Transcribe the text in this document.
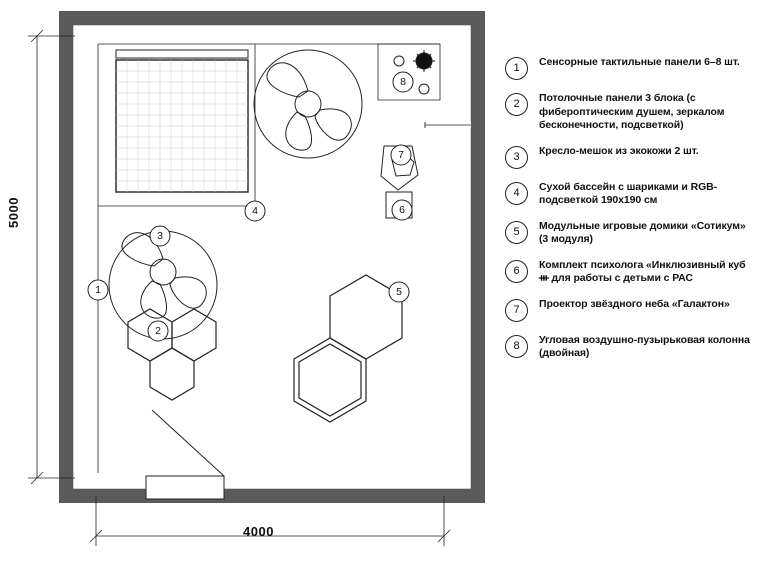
1
2
3
4
5
6
7
8
5000
4000
1	Сенсорные тактильные панели 6–8 шт.
2	Потолочные панели 3 блока (с фибероптическим душем, зеркалом бесконечности, подсветкой)
3	Кресло-мешок из экокожи 2 шт.
4	Сухой бассейн с шариками и RGB-подсветкой 190х190 см
5	Модульные игровые домики «Сотикум» (3 модуля)
6	Комплект психолога «Инклюзивный куб ᚒ для работы с детьми с РАС
7	Проектор звёздного неба «Галактон»
8	Угловая воздушно-пузырьковая колонна (двойная)
